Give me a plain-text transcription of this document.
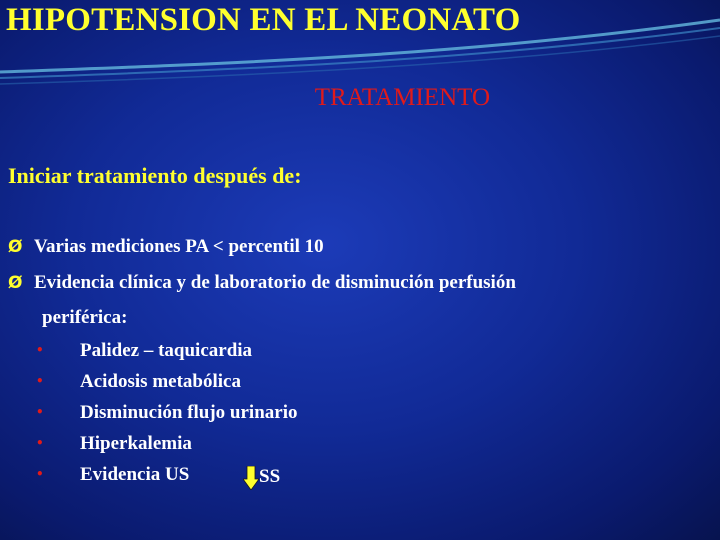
HIPOTENSION EN EL NEONATO
TRATAMIENTO
Iniciar tratamiento después de:
Ø Varias mediciones PA < percentil 10
Ø Evidencia clínica y de laboratorio de disminución perfusión
periférica:
• Palidez – taquicardia
• Acidosis metabólica
• Disminución flujo urinario
• Hiperkalemia
• Evidencia US	SS
